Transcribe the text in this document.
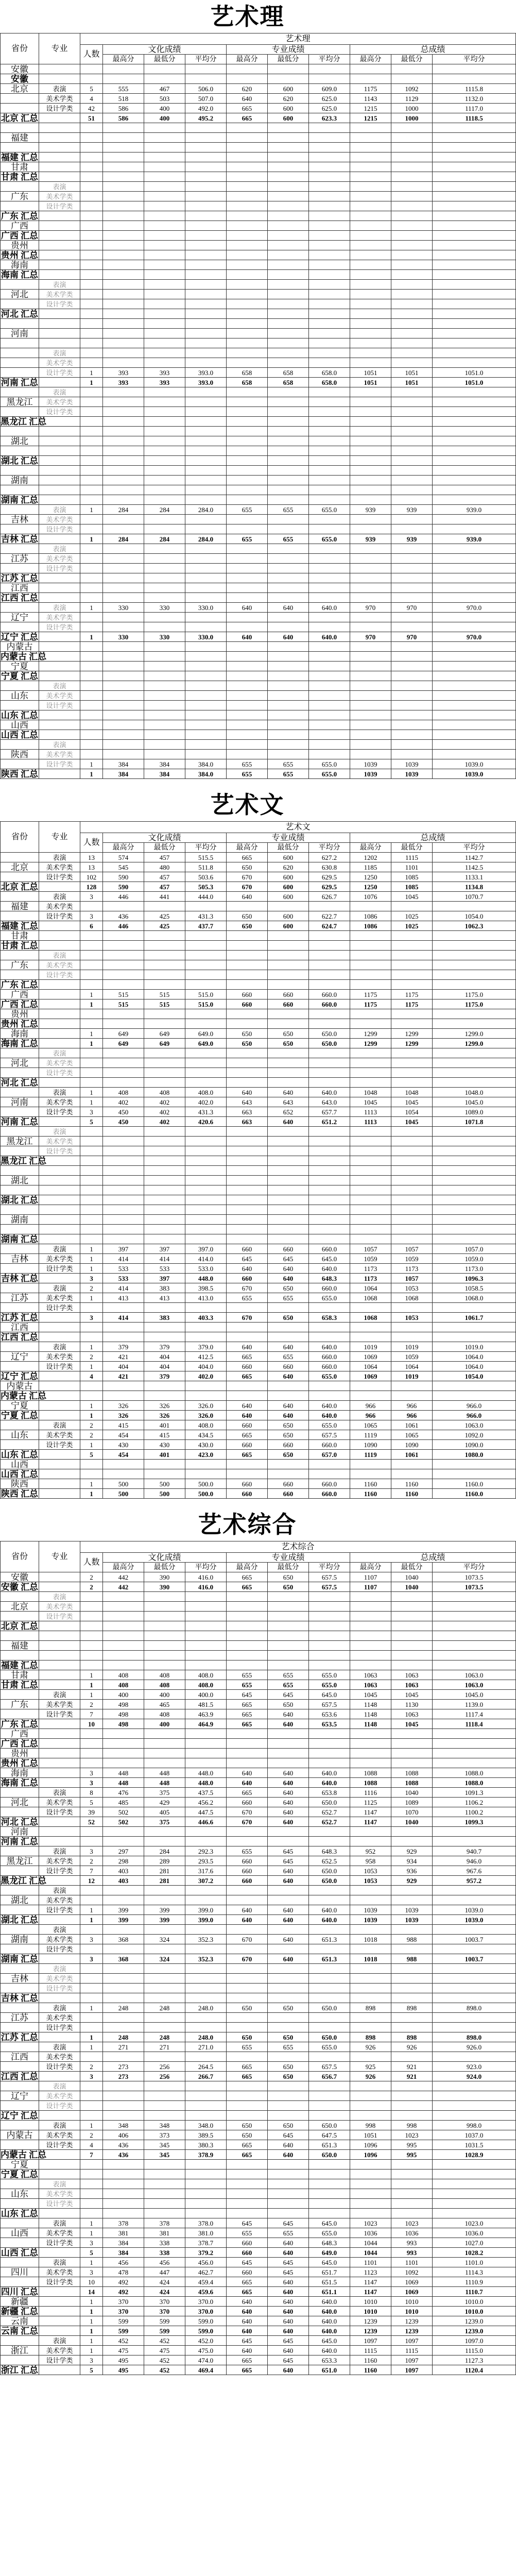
艺术理
省份	专业	艺术理									
		人数	文化成绩			专业成绩			总成绩		
			最高分	最低分	平均分	最高分	最低分	平均分	最高分	最低分	平均分
安徽											
安徽											
北京	表演	5	555	467	506.0	620	600	609.0	1175	1092	1115.8
	美术学类	4	518	503	507.0	640	620	625.0	1143	1129	1132.0
	设计学类	42	586	400	492.0	665	600	625.0	1215	1000	1117.0
北京 汇总		51	586	400	495.2	665	600	623.3	1215	1000	1118.5

福建											

福建 汇总											
甘肃											
甘肃 汇总											
	表演										
广东	美术学类										
	设计学类										
广东 汇总											
广西											
广西 汇总											
贵州											
贵州 汇总											
海南											
海南 汇总											
	表演										
河北	美术学类										
	设计学类										
河北 汇总											

河南											

	表演										
	美术学类										
	设计学类	1	393	393	393.0	658	658	658.0	1051	1051	1051.0
河南 汇总		1	393	393	393.0	658	658	658.0	1051	1051	1051.0
	表演										
黑龙江	美术学类										
	设计学类										
黑龙江 汇总											

湖北											

湖北 汇总											

湖南											

湖南 汇总											
	表演	1	284	284	284.0	655	655	655.0	939	939	939.0
吉林	美术学类										
	设计学类										
吉林 汇总		1	284	284	284.0	655	655	655.0	939	939	939.0
	表演										
江苏	美术学类										
	设计学类										
江苏 汇总											
江西											
江西 汇总											
	表演	1	330	330	330.0	640	640	640.0	970	970	970.0
辽宁	美术学类										
	设计学类										
辽宁 汇总		1	330	330	330.0	640	640	640.0	970	970	970.0
内蒙古											
内蒙古 汇总											
宁夏											
宁夏 汇总											
	表演										
山东	美术学类										
	设计学类										
山东 汇总											
山西											
山西 汇总											
	表演										
陕西	美术学类										
	设计学类	1	384	384	384.0	655	655	655.0	1039	1039	1039.0
陕西 汇总		1	384	384	384.0	655	655	655.0	1039	1039	1039.0
艺术文
省份	专业	艺术文									
		人数	文化成绩			专业成绩			总成绩		
			最高分	最低分	平均分	最高分	最低分	平均分	最高分	最低分	平均分
	表演	13	574	457	515.5	665	600	627.2	1202	1115	1142.7
北京	美术学类	13	545	480	511.8	650	620	630.8	1185	1101	1142.5
	设计学类	102	590	457	503.6	670	600	629.5	1250	1085	1133.1
北京 汇总		128	590	457	505.3	670	600	629.5	1250	1085	1134.8
	表演	3	446	441	444.0	640	600	626.7	1076	1045	1070.7
福建	美术学类										
	设计学类	3	436	425	431.3	650	600	622.7	1086	1025	1054.0
福建 汇总		6	446	425	437.7	650	600	624.7	1086	1025	1062.3
甘肃											
甘肃 汇总											
	表演										
广东	美术学类										
	设计学类										
广东 汇总											
广西		1	515	515	515.0	660	660	660.0	1175	1175	1175.0
广西 汇总		1	515	515	515.0	660	660	660.0	1175	1175	1175.0
贵州											
贵州 汇总											
海南		1	649	649	649.0	650	650	650.0	1299	1299	1299.0
海南 汇总		1	649	649	649.0	650	650	650.0	1299	1299	1299.0
	表演										
河北	美术学类										
	设计学类										
河北 汇总											
	表演	1	408	408	408.0	640	640	640.0	1048	1048	1048.0
河南	美术学类	1	402	402	402.0	643	643	643.0	1045	1045	1045.0
	设计学类	3	450	402	431.3	663	652	657.7	1113	1054	1089.0
河南 汇总		5	450	402	420.6	663	640	651.2	1113	1045	1071.8
	表演										
黑龙江	美术学类										
	设计学类										
黑龙江 汇总											

湖北											

湖北 汇总											

湖南											

湖南 汇总											
	表演	1	397	397	397.0	660	660	660.0	1057	1057	1057.0
吉林	美术学类	1	414	414	414.0	645	645	645.0	1059	1059	1059.0
	设计学类	1	533	533	533.0	640	640	640.0	1173	1173	1173.0
吉林 汇总		3	533	397	448.0	660	640	648.3	1173	1057	1096.3
	表演	2	414	383	398.5	670	650	660.0	1064	1053	1058.5
江苏	美术学类	1	413	413	413.0	655	655	655.0	1068	1068	1068.0
	设计学类										
江苏 汇总		3	414	383	403.3	670	650	658.3	1068	1053	1061.7
江西											
江西 汇总											
	表演	1	379	379	379.0	640	640	640.0	1019	1019	1019.0
辽宁	美术学类	2	421	404	412.5	665	655	660.0	1069	1059	1064.0
	设计学类	1	404	404	404.0	660	660	660.0	1064	1064	1064.0
辽宁 汇总		4	421	379	402.0	665	640	655.0	1069	1019	1054.0
内蒙古											
内蒙古 汇总											
宁夏		1	326	326	326.0	640	640	640.0	966	966	966.0
宁夏 汇总		1	326	326	326.0	640	640	640.0	966	966	966.0
	表演	2	415	401	408.0	660	650	655.0	1065	1061	1063.0
山东	美术学类	2	454	415	434.5	665	650	657.5	1119	1065	1092.0
	设计学类	1	430	430	430.0	660	660	660.0	1090	1090	1090.0
山东 汇总		5	454	401	423.0	665	650	657.0	1119	1061	1080.0
山西											
山西 汇总											
陕西		1	500	500	500.0	660	660	660.0	1160	1160	1160.0
陕西 汇总		1	500	500	500.0	660	660	660.0	1160	1160	1160.0
艺术综合
省份	专业	艺术综合									
		人数	文化成绩			专业成绩			总成绩		
			最高分	最低分	平均分	最高分	最低分	平均分	最高分	最低分	平均分
安徽		2	442	390	416.0	665	650	657.5	1107	1040	1073.5
安徽 汇总		2	442	390	416.0	665	650	657.5	1107	1040	1073.5
	表演										
北京	美术学类										
	设计学类										
北京 汇总											

福建											

福建 汇总											
甘肃		1	408	408	408.0	655	655	655.0	1063	1063	1063.0
甘肃 汇总		1	408	408	408.0	655	655	655.0	1063	1063	1063.0
	表演	1	400	400	400.0	645	645	645.0	1045	1045	1045.0
广东	美术学类	2	498	465	481.5	665	650	657.5	1148	1130	1139.0
	设计学类	7	498	408	463.9	665	640	653.6	1148	1063	1117.4
广东 汇总		10	498	400	464.9	665	640	653.5	1148	1045	1118.4
广西											
广西 汇总											
贵州											
贵州 汇总											
海南		3	448	448	448.0	640	640	640.0	1088	1088	1088.0
海南 汇总		3	448	448	448.0	640	640	640.0	1088	1088	1088.0
	表演	8	476	375	437.5	665	640	653.8	1116	1040	1091.3
河北	美术学类	5	485	429	456.2	660	640	650.0	1125	1089	1106.2
	设计学类	39	502	405	447.5	670	640	652.7	1147	1070	1100.2
河北 汇总		52	502	375	446.6	670	640	652.7	1147	1040	1099.3
河南											
河南 汇总											
	表演	3	297	284	292.3	655	645	648.3	952	929	940.7
黑龙江	美术学类	2	298	289	293.5	660	645	652.5	958	934	946.0
	设计学类	7	403	281	317.6	660	640	650.0	1053	936	967.6
黑龙江 汇总		12	403	281	307.2	660	640	650.0	1053	929	957.2
	表演										
湖北	美术学类										
	设计学类	1	399	399	399.0	640	640	640.0	1039	1039	1039.0
湖北 汇总		1	399	399	399.0	640	640	640.0	1039	1039	1039.0
	表演										
湖南	美术学类	3	368	324	352.3	670	640	651.3	1018	988	1003.7
	设计学类										
湖南 汇总		3	368	324	352.3	670	640	651.3	1018	988	1003.7
	表演										
吉林	美术学类										
	设计学类										
吉林 汇总											
	表演	1	248	248	248.0	650	650	650.0	898	898	898.0
江苏	美术学类										
	设计学类										
江苏 汇总		1	248	248	248.0	650	650	650.0	898	898	898.0
	表演	1	271	271	271.0	655	655	655.0	926	926	926.0
江西	美术学类										
	设计学类	2	273	256	264.5	665	650	657.5	925	921	923.0
江西 汇总		3	273	256	266.7	665	650	656.7	926	921	924.0
	表演										
辽宁	美术学类										
	设计学类										
辽宁 汇总											
	表演	1	348	348	348.0	650	650	650.0	998	998	998.0
内蒙古	美术学类	2	406	373	389.5	650	645	647.5	1051	1023	1037.0
	设计学类	4	436	345	380.3	665	640	651.3	1096	995	1031.5
内蒙古 汇总		7	436	345	378.9	665	640	650.0	1096	995	1028.9
宁夏											
宁夏 汇总											
	表演										
山东	美术学类										
	设计学类										
山东 汇总											
	表演	1	378	378	378.0	645	645	645.0	1023	1023	1023.0
山西	美术学类	1	381	381	381.0	655	655	655.0	1036	1036	1036.0
	设计学类	3	384	338	378.7	660	640	648.3	1044	993	1027.0
山西 汇总		5	384	338	379.2	660	640	649.0	1044	993	1028.2
	表演	1	456	456	456.0	645	645	645.0	1101	1101	1101.0
四川	美术学类	3	478	447	462.7	660	645	651.7	1123	1092	1114.3
	设计学类	10	492	424	459.4	665	640	651.5	1147	1069	1110.9
四川 汇总		14	492	424	459.6	665	640	651.1	1147	1069	1110.7
新疆		1	370	370	370.0	640	640	640.0	1010	1010	1010.0
新疆 汇总		1	370	370	370.0	640	640	640.0	1010	1010	1010.0
云南		1	599	599	599.0	640	640	640.0	1239	1239	1239.0
云南 汇总		1	599	599	599.0	640	640	640.0	1239	1239	1239.0
	表演	1	452	452	452.0	645	645	645.0	1097	1097	1097.0
浙江	美术学类	1	475	475	475.0	640	640	640.0	1115	1115	1115.0
	设计学类	3	495	452	474.0	665	645	653.3	1160	1097	1127.3
浙江 汇总		5	495	452	469.4	665	640	651.0	1160	1097	1120.4
